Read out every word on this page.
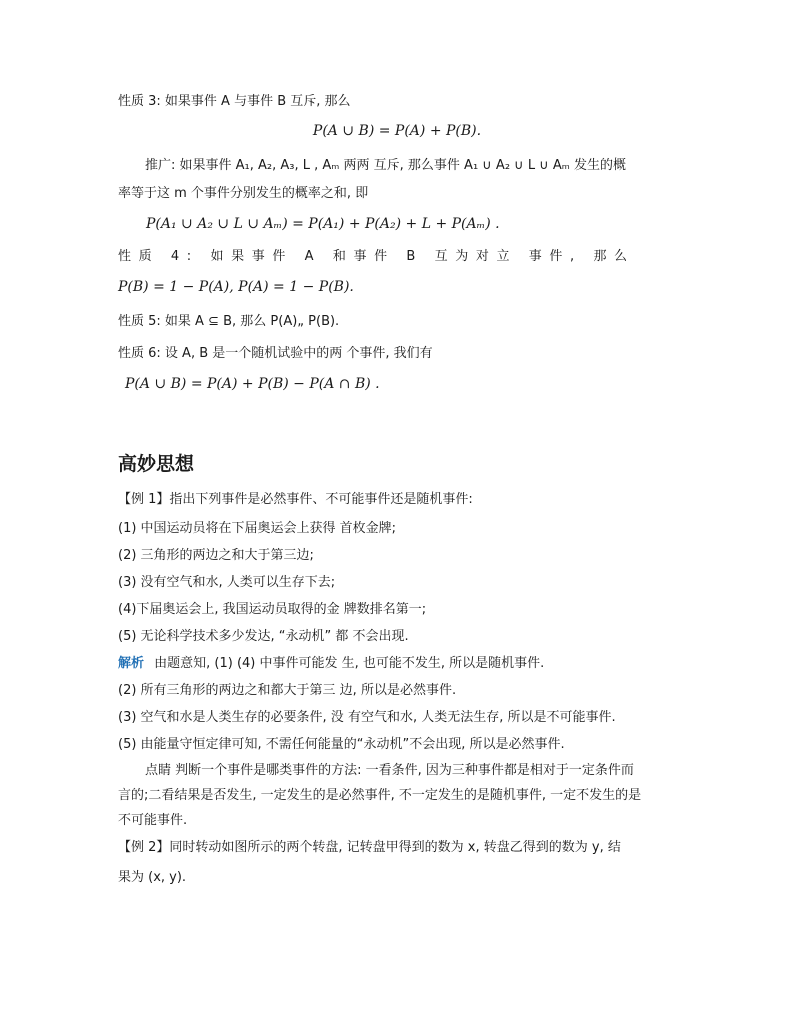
性质 3: 如果事件 A 与事件 B 互斥, 那么
P(A ∪ B) = P(A) + P(B).
推广: 如果事件 A₁, A₂, A₃, L , Aₘ 两两 互斥, 那么事件 A₁ ∪ A₂ ∪ L ∪ Aₘ 发生的概
率等于这 m 个事件分别发生的概率之和, 即
P(A₁ ∪ A₂ ∪ L ∪ Aₘ) = P(A₁) + P(A₂) + L + P(Aₘ) .
性质 4: 如果事件 A 和事件 B 互为对立 事件, 那么
P(B) = 1 − P(A), P(A) = 1 − P(B).
性质 5: 如果 A ⊆ B, 那么 P(A)„ P(B).
性质 6: 设 A, B 是一个随机试验中的两 个事件, 我们有
P(A ∪ B) = P(A) + P(B) − P(A ∩ B) .
高妙思想
【例 1】指出下列事件是必然事件、不可能事件还是随机事件:
(1) 中国运动员将在下届奥运会上获得 首枚金牌;
(2) 三角形的两边之和大于第三边;
(3) 没有空气和水, 人类可以生存下去;
(4)下届奥运会上, 我国运动员取得的金 牌数排名第一;
(5) 无论科学技术多少发达, “永动机” 都 不会出现.
解析 由题意知, (1) (4) 中事件可能发 生, 也可能不发生, 所以是随机事件.
(2) 所有三角形的两边之和都大于第三 边, 所以是必然事件.
(3) 空气和水是人类生存的必要条件, 没 有空气和水, 人类无法生存, 所以是不可能事件.
(5) 由能量守恒定律可知, 不需任何能量的“永动机”不会出现, 所以是必然事件.
点睛 判断一个事件是哪类事件的方法: 一看条件, 因为三种事件都是相对于一定条件而
言的;二看结果是否发生, 一定发生的是必然事件, 不一定发生的是随机事件, 一定不发生的是
不可能事件.
【例 2】同时转动如图所示的两个转盘, 记转盘甲得到的数为 x, 转盘乙得到的数为 y, 结
果为 (x, y).
